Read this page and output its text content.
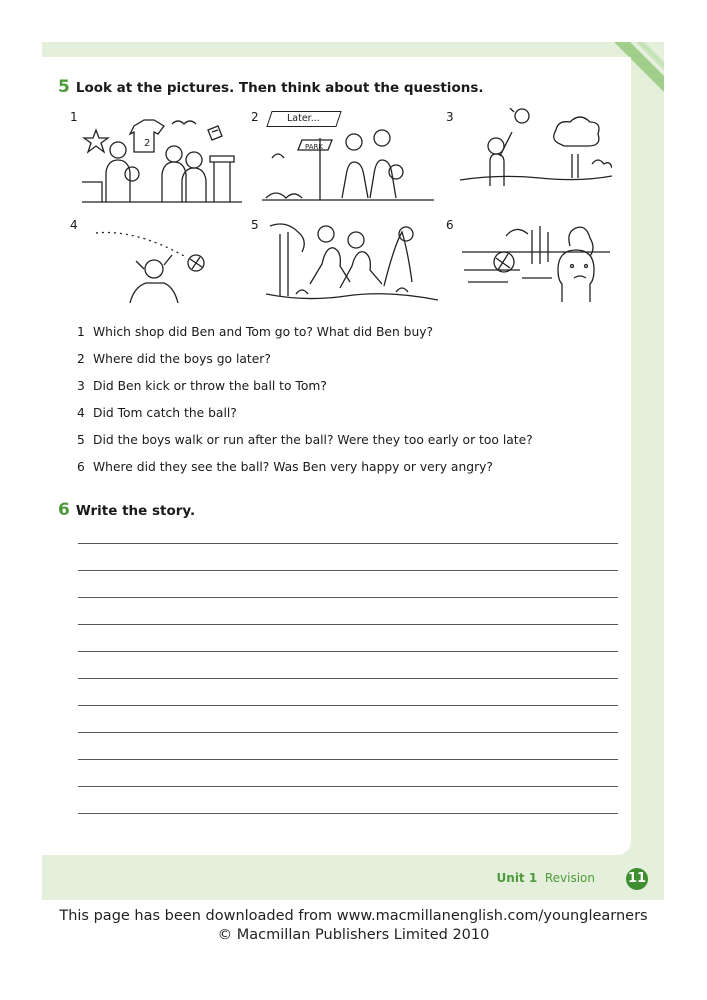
5 Look at the pictures. Then think about the questions.
1
2
2	Later...
PARK
3
4	5	6
1 Which shop did Ben and Tom go to? What did Ben buy?
2 Where did the boys go later?
3 Did Ben kick or throw the ball to Tom?
4 Did Tom catch the ball?
5 Did the boys walk or run after the ball? Were they too early or too late?
6 Where did they see the ball? Was Ben very happy or very angry?
6 Write the story.
Unit 1 Revision	11
This page has been downloaded from www.macmillanenglish.com/younglearners
© Macmillan Publishers Limited 2010
